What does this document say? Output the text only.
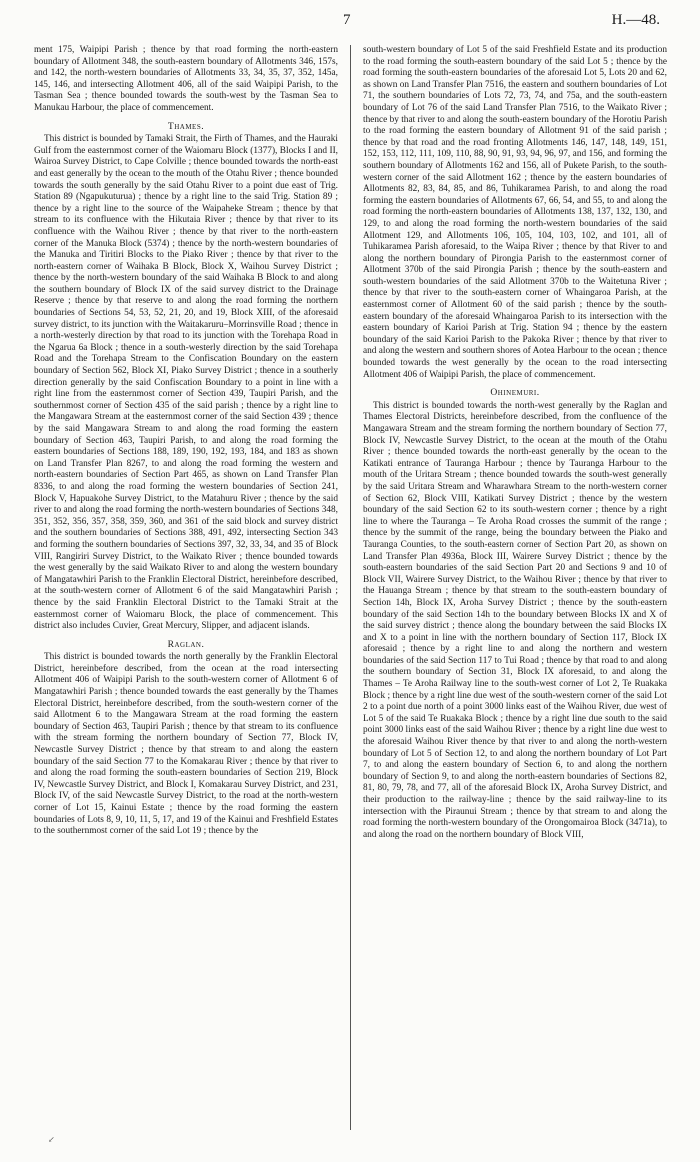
7	H.—48.

ment 175, Waipipi Parish ; thence by that road forming the north-eastern boundary of Allotment 348, the south-eastern boundary of Allotments 346, 157s, and 142, the north-western boundaries of Allotments 33, 34, 35, 37, 352, 145a, 145, 146, and intersecting Allotment 406, all of the said Waipipi Parish, to the Tasman Sea ; thence bounded towards the south-west by the Tasman Sea to Manukau Harbour, the place of commencement.

Thames.

This district is bounded by Tamaki Strait, the Firth of Thames, and the Hauraki Gulf from the easternmost corner of the Waiomaru Block (1377), Blocks I and II, Wairoa Survey District, to Cape Colville ; thence bounded towards the north-east and east generally by the ocean to the mouth of the Otahu River ; thence bounded towards the south generally by the said Otahu River to a point due east of Trig. Station 89 (Ngapukuturua) ; thence by a right line to the said Trig. Station 89 ; thence by a right line to the source of the Waipaheke Stream ; thence by that stream to its confluence with the Hikutaia River ; thence by that river to its confluence with the Waihou River ; thence by that river to the north-eastern corner of the Manuka Block (5374) ; thence by the north-western boundaries of the Manuka and Tiritiri Blocks to the Piako River ; thence by that river to the north-eastern corner of Waihaka B Block, Block X, Waihou Survey District ; thence by the north-western boundary of the said Waihaka B Block to and along the southern boundary of Block IX of the said survey district to the Drainage Reserve ; thence by that reserve to and along the road forming the northern boundaries of Sections 54, 53, 52, 21, 20, and 19, Block XIII, of the aforesaid survey district, to its junction with the Waitakaruru–Morrinsville Road ; thence in a north-westerly direction by that road to its junction with the Torehapa Road in the Ngarua 6a Block ; thence in a south-westerly direction by the said Torehapa Road and the Torehapa Stream to the Confiscation Boundary on the eastern boundary of Section 562, Block XI, Piako Survey District ; thence in a southerly direction generally by the said Confiscation Boundary to a point in line with a right line from the easternmost corner of Section 439, Taupiri Parish, and the southernmost corner of Section 435 of the said parish ; thence by a right line to the Mangawara Stream at the easternmost corner of the said Section 439 ; thence by the said Mangawara Stream to and along the road forming the eastern boundary of Section 463, Taupiri Parish, to and along the road forming the eastern boundaries of Sections 188, 189, 190, 192, 193, 184, and 183 as shown on Land Transfer Plan 8267, to and along the road forming the western and north-eastern boundaries of Section Part 465, as shown on Land Transfer Plan 8336, to and along the road forming the western boundaries of Section 241, Block V, Hapuakohe Survey District, to the Matahuru River ; thence by the said river to and along the road forming the north-western boundaries of Sections 348, 351, 352, 356, 357, 358, 359, 360, and 361 of the said block and survey district and the southern boundaries of Sections 388, 491, 492, intersecting Section 343 and forming the southern boundaries of Sections 397, 32, 33, 34, and 35 of Block VIII, Rangiriri Survey District, to the Waikato River ; thence bounded towards the west generally by the said Waikato River to and along the western boundary of Mangatawhiri Parish to the Franklin Electoral District, hereinbefore described, at the south-western corner of Allotment 6 of the said Mangatawhiri Parish ; thence by the said Franklin Electoral District to the Tamaki Strait at the easternmost corner of Waiomaru Block, the place of commencement. This district also includes Cuvier, Great Mercury, Slipper, and adjacent islands.

Raglan.

This district is bounded towards the north generally by the Franklin Electoral District, hereinbefore described, from the ocean at the road intersecting Allotment 406 of Waipipi Parish to the south-western corner of Allotment 6 of Mangatawhiri Parish ; thence bounded towards the east generally by the Thames Electoral District, hereinbefore described, from the south-western corner of the said Allotment 6 to the Mangawara Stream at the road forming the eastern boundary of Section 463, Taupiri Parish ; thence by that stream to its confluence with the stream forming the northern boundary of Section 77, Block IV, Newcastle Survey District ; thence by that stream to and along the eastern boundary of the said Section 77 to the Komakarau River ; thence by that river to and along the road forming the south-eastern boundaries of Section 219, Block IV, Newcastle Survey District, and Block I, Komakarau Survey District, and 231, Block IV, of the said Newcastle Survey District, to the road at the north-western corner of Lot 15, Kainui Estate ; thence by the road forming the eastern boundaries of Lots 8, 9, 10, 11, 5, 17, and 19 of the Kainui and Freshfield Estates to the southernmost corner of the said Lot 19 ; thence by the

south-western boundary of Lot 5 of the said Freshfield Estate and its production to the road forming the south-eastern boundary of the said Lot 5 ; thence by the road forming the south-eastern boundaries of the aforesaid Lot 5, Lots 20 and 62, as shown on Land Transfer Plan 7516, the eastern and southern boundaries of Lot 71, the southern boundaries of Lots 72, 73, 74, and 75a, and the south-eastern boundary of Lot 76 of the said Land Transfer Plan 7516, to the Waikato River ; thence by that river to and along the south-eastern boundary of the Horotiu Parish to the road forming the eastern boundary of Allotment 91 of the said parish ; thence by that road and the road fronting Allotments 146, 147, 148, 149, 151, 152, 153, 112, 111, 109, 110, 88, 90, 91, 93, 94, 96, 97, and 156, and forming the southern boundary of Allotments 162 and 156, all of Pukete Parish, to the south-western corner of the said Allotment 162 ; thence by the eastern boundaries of Allotments 82, 83, 84, 85, and 86, Tuhikaramea Parish, to and along the road forming the eastern boundaries of Allotments 67, 66, 54, and 55, to and along the road forming the north-eastern boundaries of Allotments 138, 137, 132, 130, and 129, to and along the road forming the north-western boundaries of the said Allotment 129, and Allotments 106, 105, 104, 103, 102, and 101, all of Tuhikaramea Parish aforesaid, to the Waipa River ; thence by that River to and along the northern boundary of Pirongia Parish to the easternmost corner of Allotment 370b of the said Pirongia Parish ; thence by the south-eastern and south-western boundaries of the said Allotment 370b to the Waitetuna River ; thence by that river to the south-eastern corner of Whaingaroa Parish, at the easternmost corner of Allotment 60 of the said parish ; thence by the south-eastern boundary of the aforesaid Whaingaroa Parish to its intersection with the eastern boundary of Karioi Parish at Trig. Station 94 ; thence by the eastern boundary of the said Karioi Parish to the Pakoka River ; thence by that river to and along the western and southern shores of Aotea Harbour to the ocean ; thence bounded towards the west generally by the ocean to the road intersecting Allotment 406 of Waipipi Parish, the place of commencement.

Ohinemuri.

This district is bounded towards the north-west generally by the Raglan and Thames Electoral Districts, hereinbefore described, from the confluence of the Mangawara Stream and the stream forming the northern boundary of Section 77, Block IV, Newcastle Survey District, to the ocean at the mouth of the Otahu River ; thence bounded towards the north-east generally by the ocean to the Katikati entrance of Tauranga Harbour ; thence by Tauranga Harbour to the mouth of the Uritara Stream ; thence bounded towards the south-west generally by the said Uritara Stream and Wharawhara Stream to the north-western corner of Section 62, Block VIII, Katikati Survey District ; thence by the western boundary of the said Section 62 to its south-western corner ; thence by a right line to where the Tauranga – Te Aroha Road crosses the summit of the range ; thence by the summit of the range, being the boundary between the Piako and Tauranga Counties, to the south-eastern corner of Section Part 20, as shown on Land Transfer Plan 4936a, Block III, Wairere Survey District ; thence by the south-eastern boundaries of the said Section Part 20 and Sections 9 and 10 of Block VII, Wairere Survey District, to the Waihou River ; thence by that river to the Hauanga Stream ; thence by that stream to the south-eastern boundary of Section 14h, Block IX, Aroha Survey District ; thence by the south-eastern boundary of the said Section 14h to the boundary between Blocks IX and X of the said survey district ; thence along the boundary between the said Blocks IX and X to a point in line with the northern boundary of Section 117, Block IX aforesaid ; thence by a right line to and along the northern and western boundaries of the said Section 117 to Tui Road ; thence by that road to and along the southern boundary of Section 31, Block IX aforesaid, to and along the Thames – Te Aroha Railway line to the south-west corner of Lot 2, Te Ruakaka Block ; thence by a right line due west of the south-western corner of the said Lot 2 to a point due north of a point 3000 links east of the Waihou River, due west of Lot 5 of the said Te Ruakaka Block ; thence by a right line due south to the said point 3000 links east of the said Waihou River ; thence by a right line due west to the aforesaid Waihou River thence by that river to and along the north-western boundary of Lot 5 of Section 12, to and along the northern boundary of Lot Part 7, to and along the eastern boundary of Section 6, to and along the northern boundary of Section 9, to and along the north-eastern boundaries of Sections 82, 81, 80, 79, 78, and 77, all of the aforesaid Block IX, Aroha Survey District, and their production to the railway-line ; thence by the said railway-line to its intersection with the Piraunui Stream ; thence by that stream to and along the road forming the north-western boundary of the Orongomairoa Block (3471a), to and along the road on the northern boundary of Block VIII,

↙
